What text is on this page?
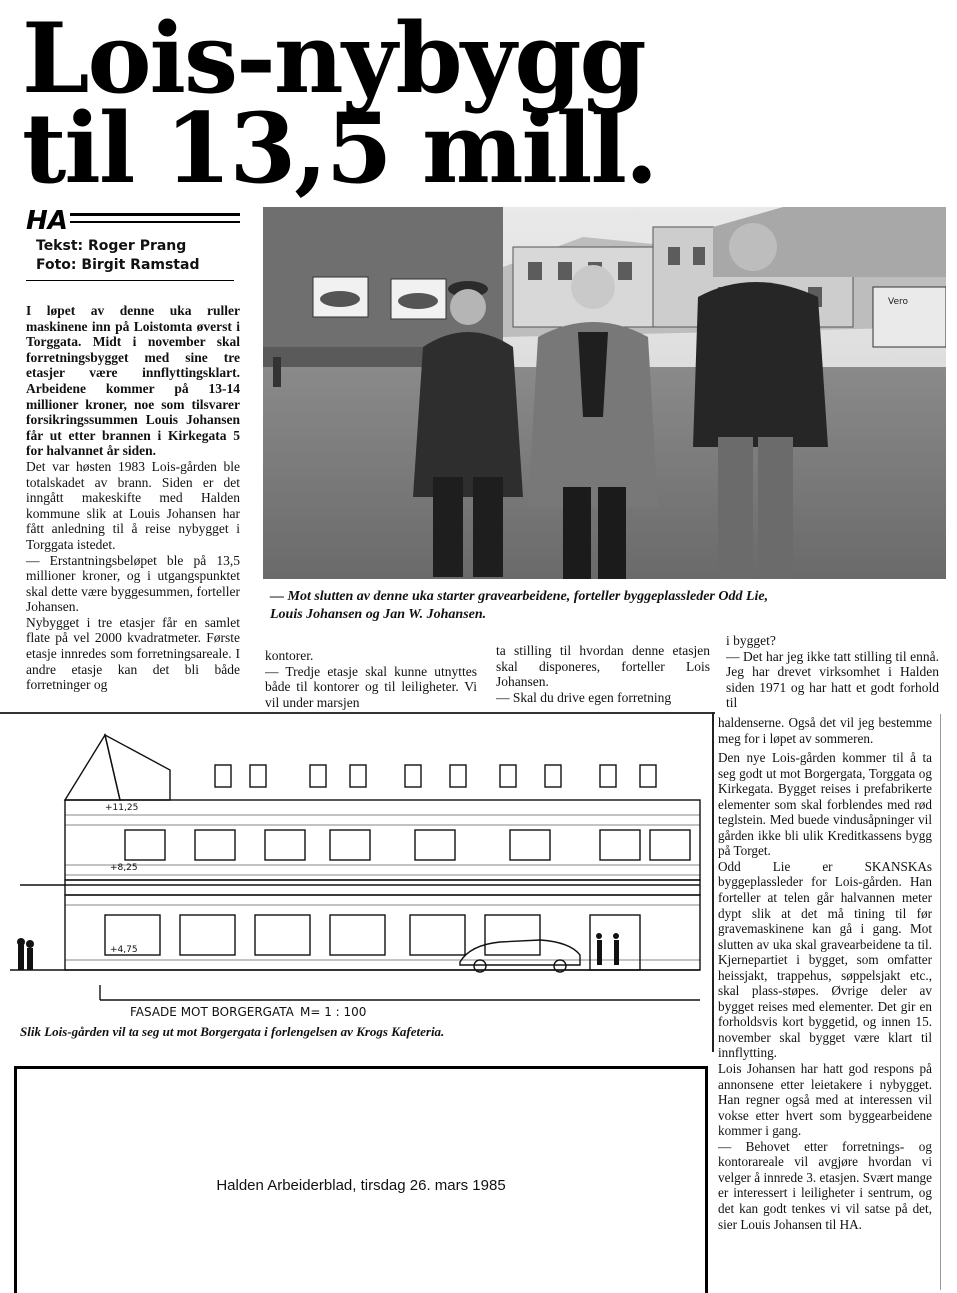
Lois-nybygg
til 13,5 mill.
HA
Tekst: Roger Prang
Foto: Birgit Ramstad

I løpet av denne uka ruller maskinene inn på Loistomta øverst i Torggata. Midt i november skal forretningsbygget med sine tre etasjer være innflyttingsklart. Arbeidene kommer på 13-14 millioner kroner, noe som tilsvarer forsikringssummen Louis Johansen får ut etter brannen i Kirkegata 5 for halvannet år siden.

Det var høsten 1983 Lois-gården ble totalskadet av brann. Siden er det inngått makeskifte med Halden kommune slik at Louis Johansen har fått anledning til å reise nybygget i Torggata istedet.

— Erstantningsbeløpet ble på 13,5 millioner kroner, og i utgangspunktet skal dette være byggesummen, forteller Johansen.

Nybygget i tre etasjer får en samlet flate på vel 2000 kvadratmeter. Første etasje innredes som forretningsareale. I andre etasje kan det bli både forretninger og

Vero
— Mot slutten av denne uka starter gravearbeidene, forteller byggeplassleder Odd Lie,
Louis Johansen og Jan W. Johansen.

kontorer.

— Tredje etasje skal kunne utnyttes både til kontorer og til leiligheter. Vi vil under marsjen

ta stilling til hvordan denne etasjen skal disponeres, forteller Lois Johansen.

— Skal du drive egen forretning

i bygget?

— Det har jeg ikke tatt stilling til ennå. Jeg har drevet virksomhet i Halden siden 1971 og har hatt et godt forhold til

+11,25
+8,25
+4,75
FASADE MOT BORGERGATA M= 1 : 100
Slik Lois-gården vil ta seg ut mot Borgergata i forlengelsen av Krogs Kafeteria.

haldenserne. Også det vil jeg bestemme meg for i løpet av sommeren.

Den nye Lois-gården kommer til å ta seg godt ut mot Borgergata, Torggata og Kirkegata. Bygget reises i prefabrikerte elementer som skal forblendes med rød teglstein. Med buede vindusåpninger vil gården ikke bli ulik Kreditkassens bygg på Torget.

Odd Lie er SKANSKAs byggeplassleder for Lois-gården. Han forteller at telen går halvannen meter dypt slik at det må tining til før gravemaskinene kan gå i gang. Mot slutten av uka skal gravearbeidene ta til. Kjernepartiet i bygget, som omfatter heissjakt, trappehus, søppelsjakt etc., skal plass-støpes. Øvrige deler av bygget reises med elementer. Det gir en forholdsvis kort byggetid, og innen 15. november skal bygget være klart til innflytting.

Lois Johansen har hatt god respons på annonsene etter leietakere i nybygget. Han regner også med at interessen vil vokse etter hvert som byggearbeidene kommer i gang.

— Behovet etter forretnings- og kontorareale vil avgjøre hvordan vi velger å innrede 3. etasjen. Svært mange er interessert i leiligheter i sentrum, og det kan godt tenkes vi vil satse på det, sier Louis Johansen til HA.

Halden Arbeiderblad, tirsdag 26. mars 1985
